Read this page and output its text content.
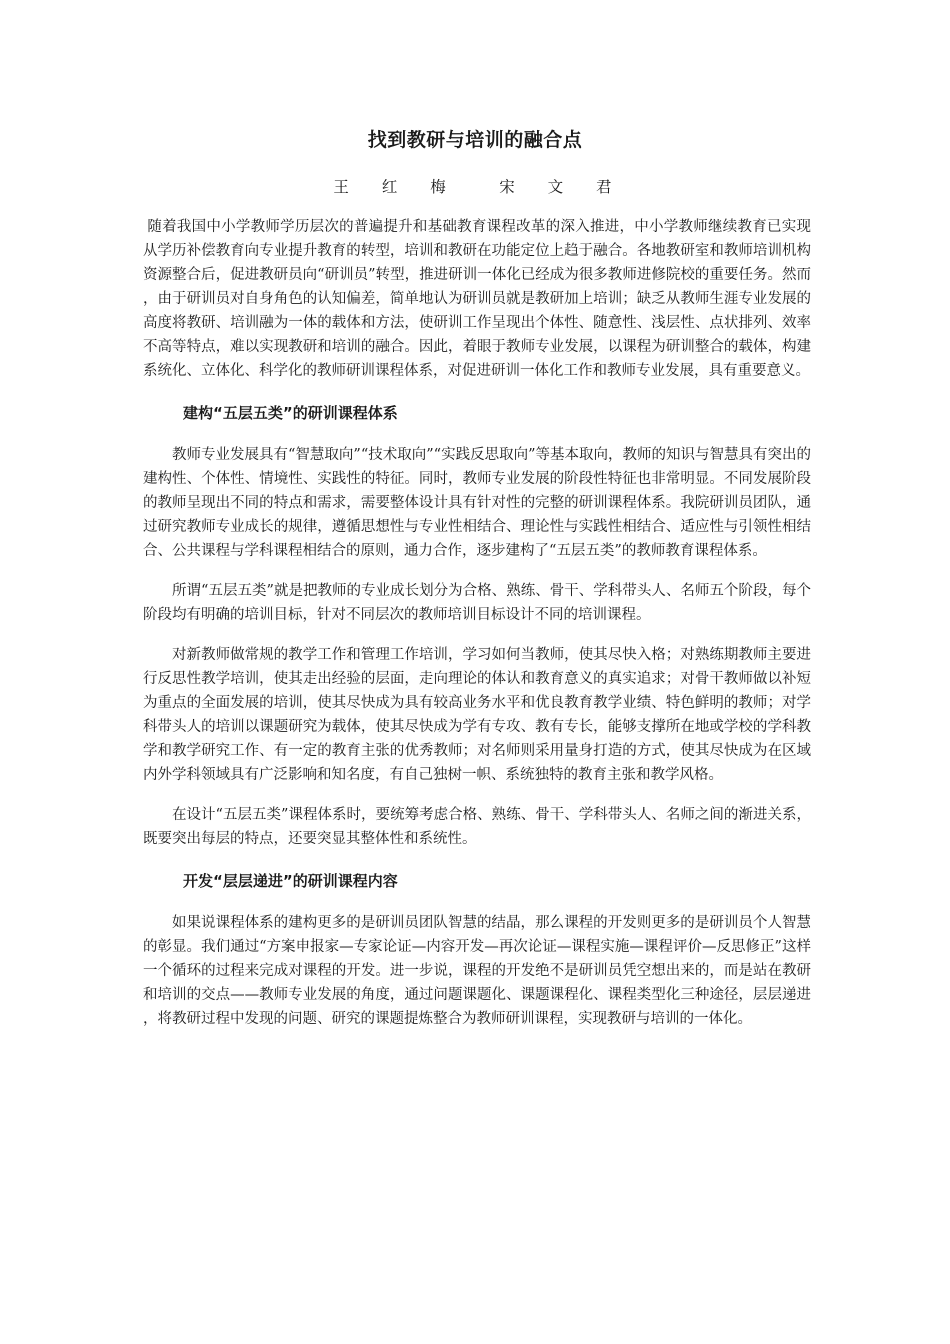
找到教研与培训的融合点
王 红 梅　 宋 文 君

随着我国中小学教师学历层次的普遍提升和基础教育课程改革的深入推进，中小学教师继续教育已实现从学历补偿教育向专业提升教育的转型，培训和教研在功能定位上趋于融合。各地教研室和教师培训机构资源整合后，促进教研员向“研训员”转型，推进研训一体化已经成为很多教师进修院校的重要任务。然而，由于研训员对自身角色的认知偏差，简单地认为研训员就是教研加上培训；缺乏从教师生涯专业发展的高度将教研、培训融为一体的载体和方法，使研训工作呈现出个体性、随意性、浅层性、点状排列、效率不高等特点，难以实现教研和培训的融合。因此，着眼于教师专业发展，以课程为研训整合的载体，构建系统化、立体化、科学化的教师研训课程体系，对促进研训一体化工作和教师专业发展，具有重要意义。

建构“五层五类”的研训课程体系

教师专业发展具有“智慧取向”“技术取向”“实践反思取向”等基本取向，教师的知识与智慧具有突出的建构性、个体性、情境性、实践性的特征。同时，教师专业发展的阶段性特征也非常明显。不同发展阶段的教师呈现出不同的特点和需求，需要整体设计具有针对性的完整的研训课程体系。我院研训员团队，通过研究教师专业成长的规律，遵循思想性与专业性相结合、理论性与实践性相结合、适应性与引领性相结合、公共课程与学科课程相结合的原则，通力合作，逐步建构了“五层五类”的教师教育课程体系。

所谓“五层五类”就是把教师的专业成长划分为合格、熟练、骨干、学科带头人、名师五个阶段，每个阶段均有明确的培训目标，针对不同层次的教师培训目标设计不同的培训课程。

对新教师做常规的教学工作和管理工作培训，学习如何当教师，使其尽快入格；对熟练期教师主要进行反思性教学培训，使其走出经验的层面，走向理论的体认和教育意义的真实追求；对骨干教师做以补短为重点的全面发展的培训，使其尽快成为具有较高业务水平和优良教育教学业绩、特色鲜明的教师；对学科带头人的培训以课题研究为载体，使其尽快成为学有专攻、教有专长，能够支撑所在地或学校的学科教学和教学研究工作、有一定的教育主张的优秀教师；对名师则采用量身打造的方式，使其尽快成为在区域内外学科领域具有广泛影响和知名度，有自己独树一帜、系统独特的教育主张和教学风格。

在设计“五层五类”课程体系时，要统筹考虑合格、熟练、骨干、学科带头人、名师之间的渐进关系，既要突出每层的特点，还要突显其整体性和系统性。

开发“层层递进”的研训课程内容

如果说课程体系的建构更多的是研训员团队智慧的结晶，那么课程的开发则更多的是研训员个人智慧的彰显。我们通过“方案申报家—专家论证—内容开发—再次论证—课程实施—课程评价—反思修正”这样一个循环的过程来完成对课程的开发。进一步说，课程的开发绝不是研训员凭空想出来的，而是站在教研和培训的交点——教师专业发展的角度，通过问题课题化、课题课程化、课程类型化三种途径，层层递进，将教研过程中发现的问题、研究的课题提炼整合为教师研训课程，实现教研与培训的一体化。
